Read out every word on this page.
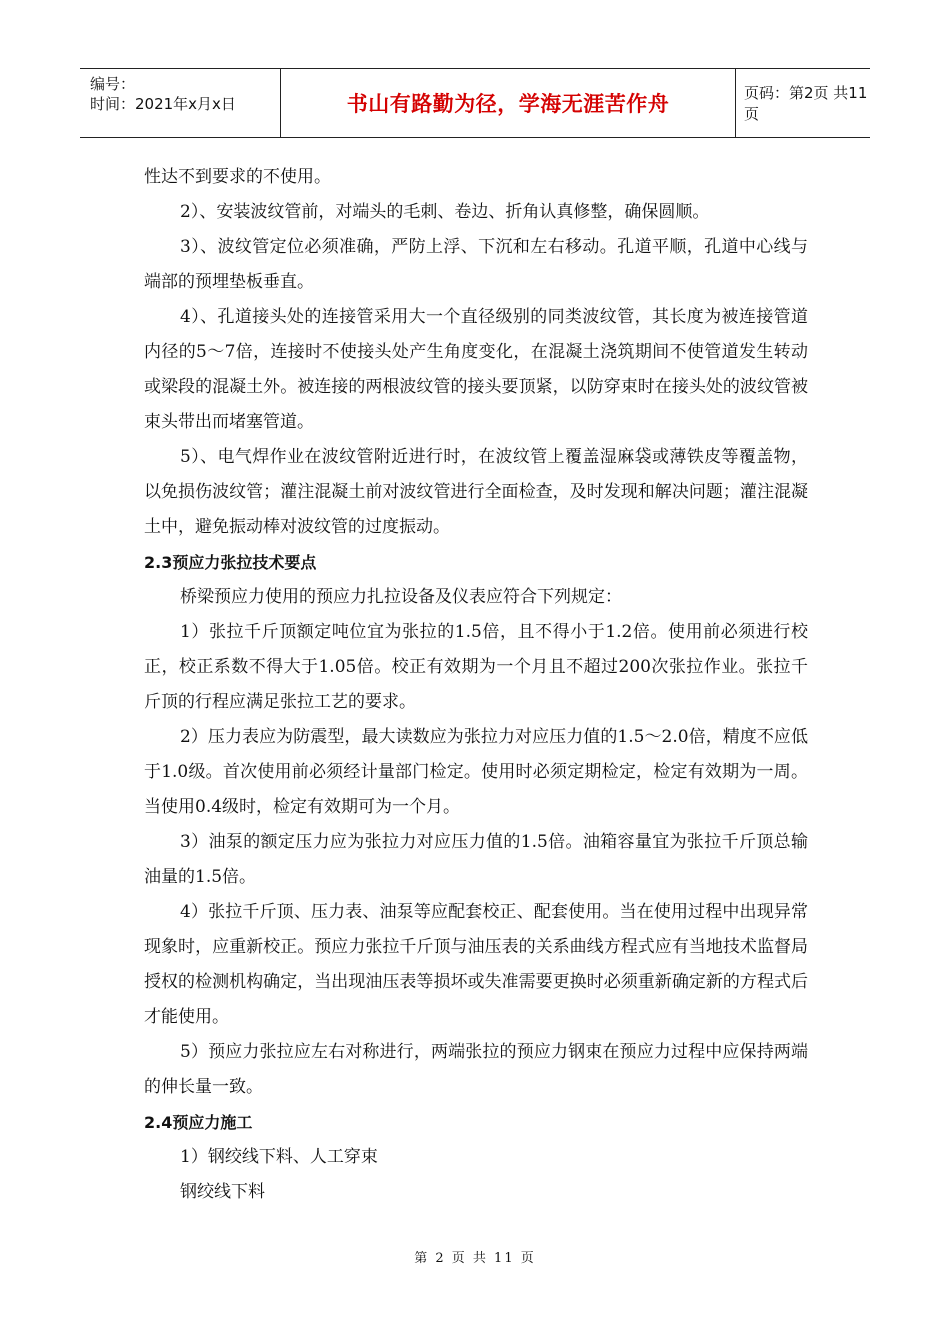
编号：
时间：2021年x月x日	书山有路勤为径，学海无涯苦作舟	页码：第2页 共11页

性达不到要求的不使用。

2）、安装波纹管前，对端头的毛刺、卷边、折角认真修整，确保圆顺。

3）、波纹管定位必须准确，严防上浮、下沉和左右移动。孔道平顺，孔道中心线与端部的预埋垫板垂直。

4）、孔道接头处的连接管采用大一个直径级别的同类波纹管，其长度为被连接管道内径的5～7倍，连接时不使接头处产生角度变化，在混凝土浇筑期间不使管道发生转动或梁段的混凝土外。被连接的两根波纹管的接头要顶紧，以防穿束时在接头处的波纹管被束头带出而堵塞管道。

5）、电气焊作业在波纹管附近进行时，在波纹管上覆盖湿麻袋或薄铁皮等覆盖物，以免损伤波纹管；灌注混凝土前对波纹管进行全面检查，及时发现和解决问题；灌注混凝土中，避免振动棒对波纹管的过度振动。

2.3预应力张拉技术要点

桥梁预应力使用的预应力扎拉设备及仪表应符合下列规定：

1）张拉千斤顶额定吨位宜为张拉的1.5倍，且不得小于1.2倍。使用前必须进行校正，校正系数不得大于1.05倍。校正有效期为一个月且不超过200次张拉作业。张拉千斤顶的行程应满足张拉工艺的要求。

2）压力表应为防震型，最大读数应为张拉力对应压力值的1.5～2.0倍，精度不应低于1.0级。首次使用前必须经计量部门检定。使用时必须定期检定，检定有效期为一周。当使用0.4级时，检定有效期可为一个月。

3）油泵的额定压力应为张拉力对应压力值的1.5倍。油箱容量宜为张拉千斤顶总输油量的1.5倍。

4）张拉千斤顶、压力表、油泵等应配套校正、配套使用。当在使用过程中出现异常现象时，应重新校正。预应力张拉千斤顶与油压表的关系曲线方程式应有当地技术监督局授权的检测机构确定，当出现油压表等损坏或失准需要更换时必须重新确定新的方程式后才能使用。

5）预应力张拉应左右对称进行，两端张拉的预应力钢束在预应力过程中应保持两端的伸长量一致。

2.4预应力施工

1）钢绞线下料、人工穿束

钢绞线下料

第 2 页 共 11 页
